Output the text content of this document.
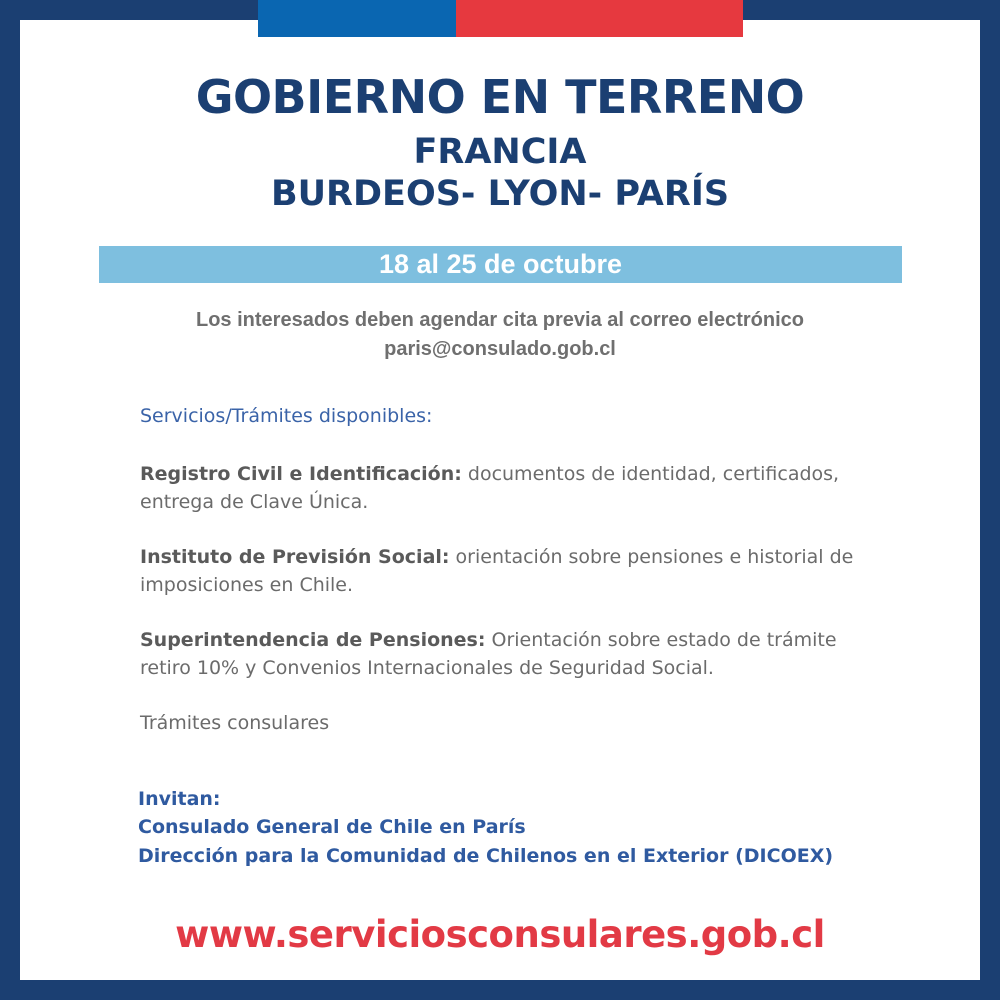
GOBIERNO EN TERRENO
FRANCIA
BURDEOS- LYON- PARÍS
18 al 25 de octubre
Los interesados deben agendar cita previa al correo electrónico
paris@consulado.gob.cl
Servicios/Trámites disponibles:
Registro Civil e Identificación: documentos de identidad, certificados,
entrega de Clave Única.
Instituto de Previsión Social: orientación sobre pensiones e historial de
imposiciones en Chile.
Superintendencia de Pensiones: Orientación sobre estado de trámite
retiro 10% y Convenios Internacionales de Seguridad Social.
Trámites consulares
Invitan:
Consulado General de Chile en París
Dirección para la Comunidad de Chilenos en el Exterior (DICOEX)
www.serviciosconsulares.gob.cl
